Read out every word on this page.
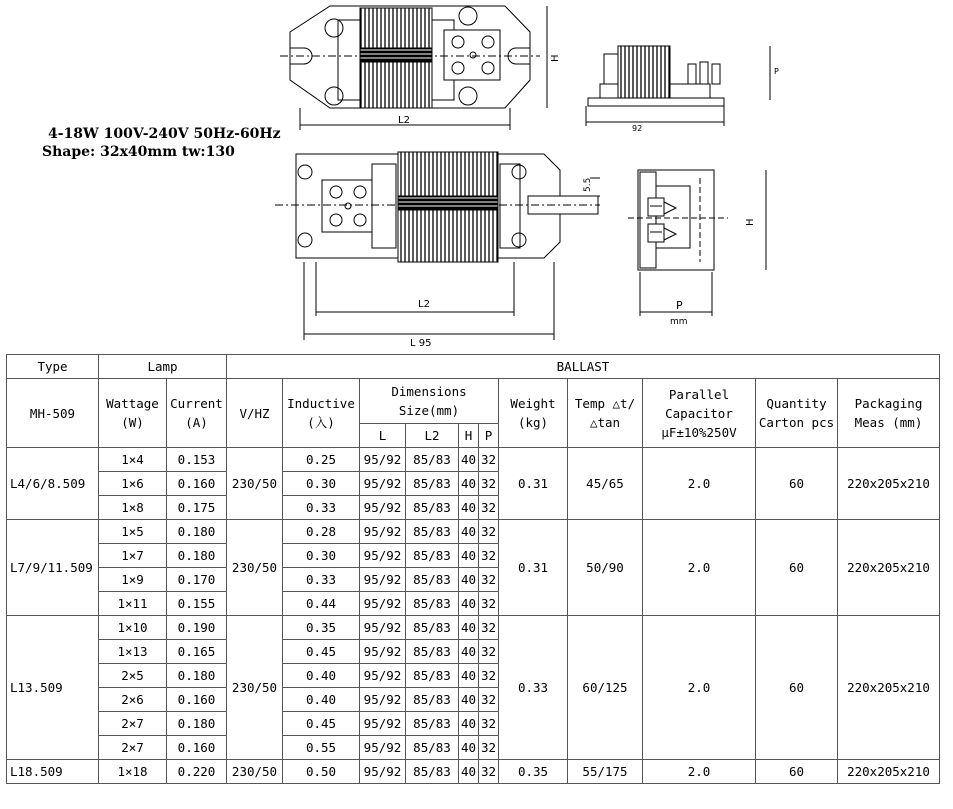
L2
H
P
92
L2
L 95
5.5
H
P
mm
4-18W 100V-240V 50Hz-60Hz
Shape: 32x40mm tw:130
Type	Lamp		BALLAST										
MH-509	Wattage (W)	Current (A)	V/HZ	Inductive (入)	Dimensions Size(mm)				Weight (kg)	Temp △t/△tan	Parallel Capacitor μF±10%250V	Quantity Carton pcs	Packaging Meas (mm)
					L	L2	H	P					
L4/6/8.509	1×4	0.153	230/50	0.25	95/92	85/83	40	32	0.31	45/65	2.0	60	220x205x210
	1×6	0.160		0.30	95/92	85/83	40	32					
	1×8	0.175		0.33	95/92	85/83	40	32					
L7/9/11.509	1×5	0.180	230/50	0.28	95/92	85/83	40	32	0.31	50/90	2.0	60	220x205x210
	1×7	0.180		0.30	95/92	85/83	40	32					
	1×9	0.170		0.33	95/92	85/83	40	32					
	1×11	0.155		0.44	95/92	85/83	40	32					
L13.509	1×10	0.190	230/50	0.35	95/92	85/83	40	32	0.33	60/125	2.0	60	220x205x210
	1×13	0.165		0.45	95/92	85/83	40	32					
	2×5	0.180		0.40	95/92	85/83	40	32					
	2×6	0.160		0.40	95/92	85/83	40	32					
	2×7	0.180		0.45	95/92	85/83	40	32					
	2×7	0.160		0.55	95/92	85/83	40	32					
L18.509	1×18	0.220	230/50	0.50	95/92	85/83	40	32	0.35	55/175	2.0	60	220x205x210
